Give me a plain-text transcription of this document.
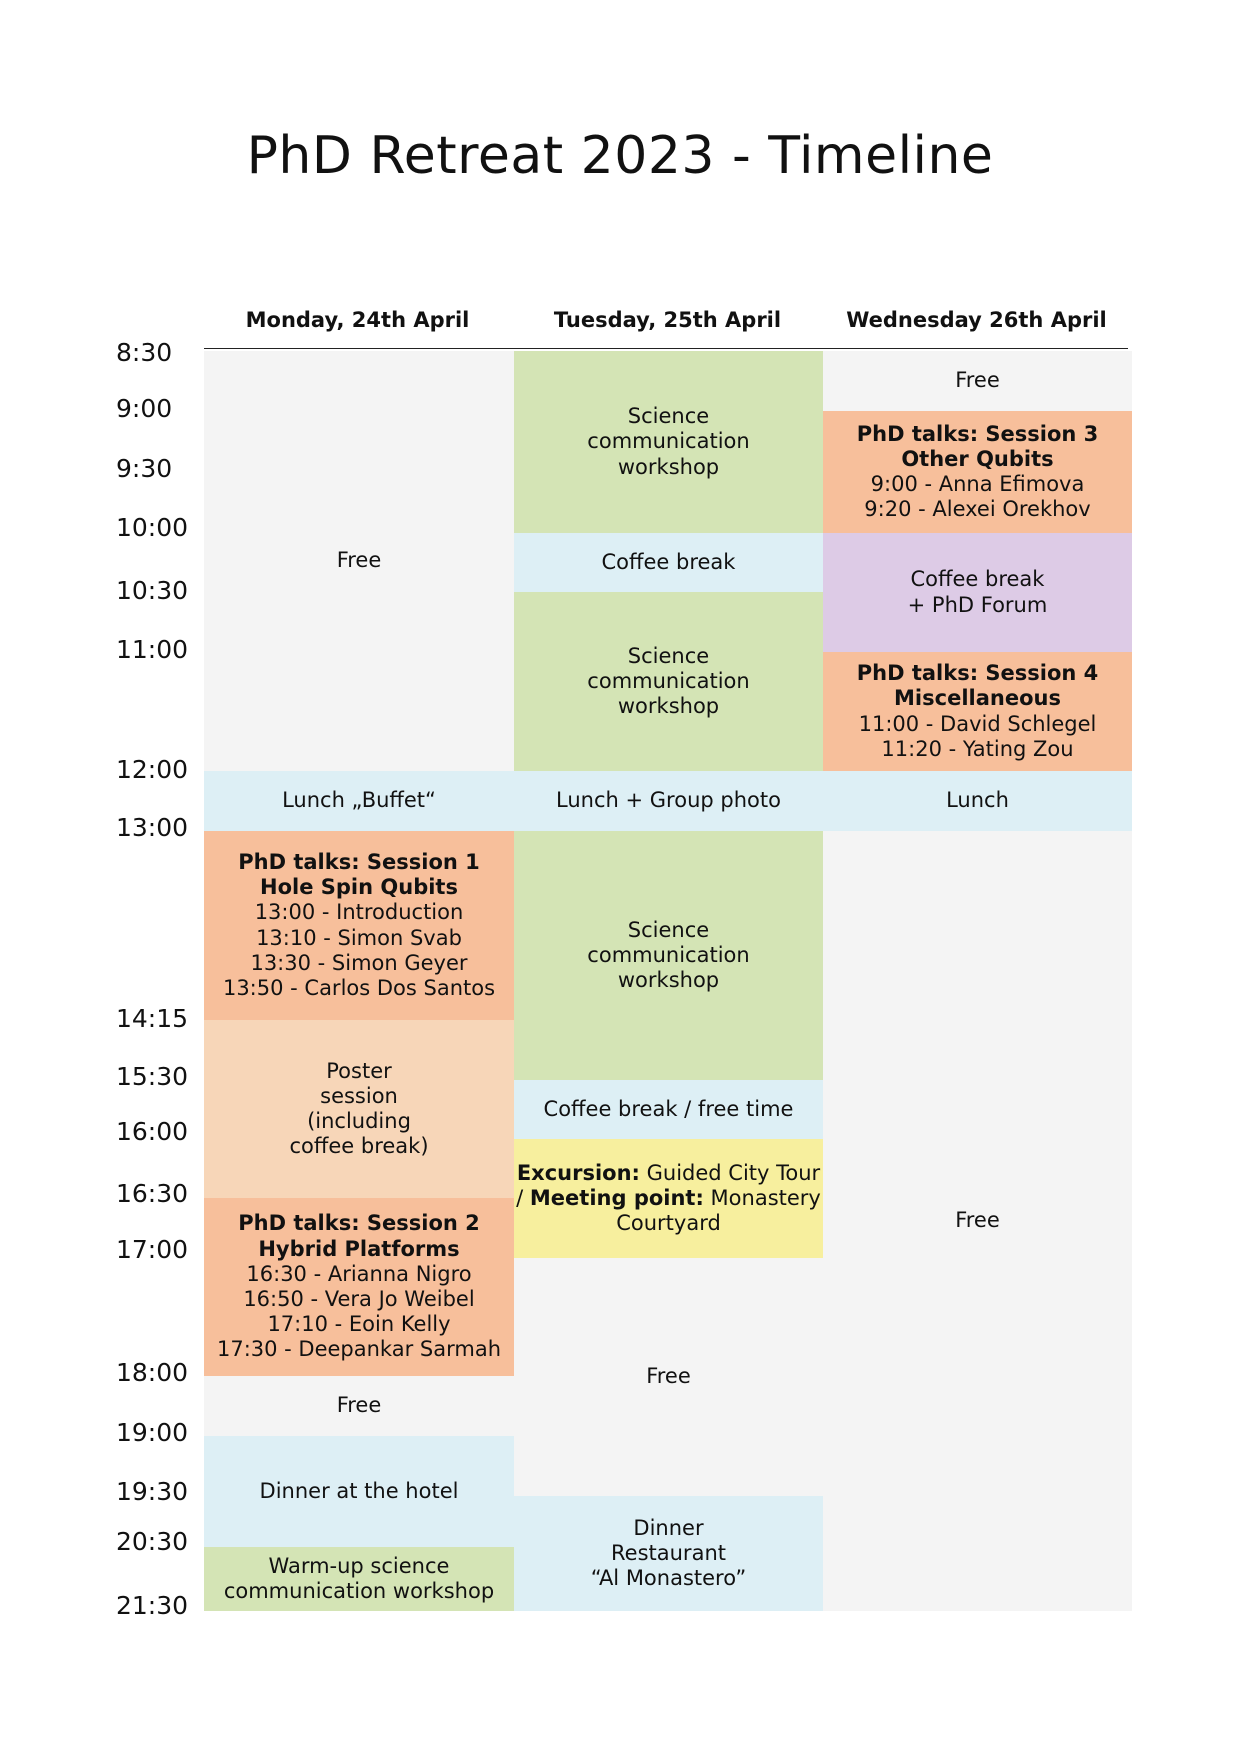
PhD Retreat 2023 - Timeline
Monday, 24th April	Tuesday, 25th April	Wednesday 26th April
8:30
9:00
9:30
10:00
10:30
11:00
12:00
13:00
14:15
15:30
16:00
16:30
17:00
18:00
19:00
19:30
20:30
21:30
Free
Lunch „Buffet“
PhD talks: Session 1
Hole Spin Qubits
13:00 - Introduction
13:10 - Simon Svab
13:30 - Simon Geyer
13:50 - Carlos Dos Santos
Poster
session
(including
coffee break)
PhD talks: Session 2
Hybrid Platforms
16:30 - Arianna Nigro
16:50 - Vera Jo Weibel
17:10 - Eoin Kelly
17:30 - Deepankar Sarmah
Free
Dinner at the hotel
Warm-up science
communication workshop
Science
communication
workshop
Coffee break
Science
communication
workshop
Lunch + Group photo
Science
communication
workshop
Coffee break / free time
Excursion: Guided City Tour
/ Meeting point: Monastery
Courtyard
Free
Dinner
Restaurant
“Al Monastero”
Free
PhD talks: Session 3
Other Qubits
9:00 - Anna Efimova
9:20 - Alexei Orekhov
Coffee break
+ PhD Forum
PhD talks: Session 4
Miscellaneous
11:00 - David Schlegel
11:20 - Yating Zou
Lunch
Free
